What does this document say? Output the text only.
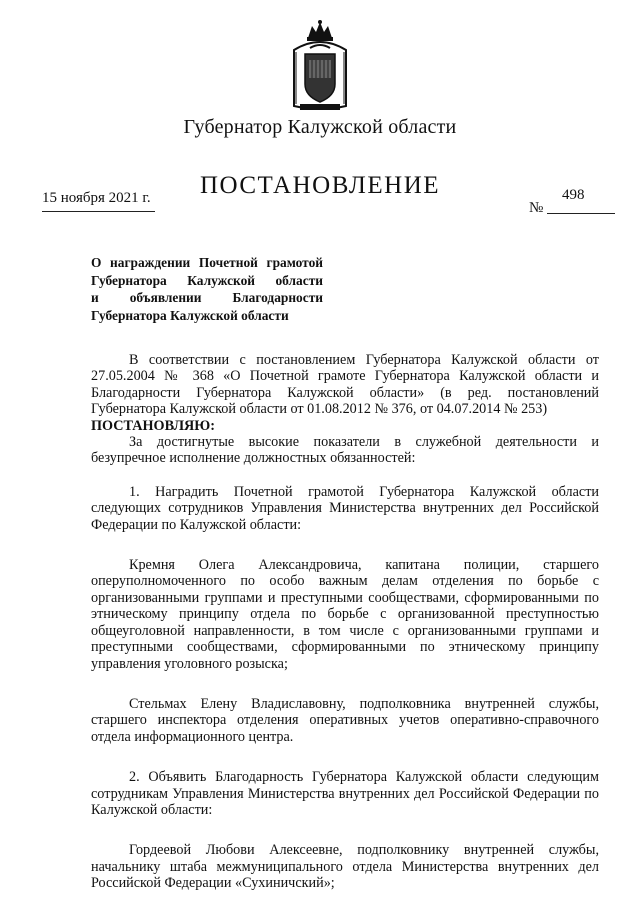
Губернатор Калужской области
ПОСТАНОВЛЕНИЕ
15 ноября 2021 г.
№
498
О награждении Почетной грамотой
Губернатора Калужской области
и объявлении Благодарности
Губернатора Калужской области

В соответствии с постановлением Губернатора Калужской области от 27.05.2004 № 368 «О Почетной грамоте Губернатора Калужской области и Благодарности Губернатора Калужской области» (в ред. постановлений Губернатора Калужской области от 01.08.2012 № 376, от 04.07.2014 № 253)

ПОСТАНОВЛЯЮ:

За достигнутые высокие показатели в служебной деятельности и безупречное исполнение должностных обязанностей:

1. Наградить Почетной грамотой Губернатора Калужской области следующих сотрудников Управления Министерства внутренних дел Российской Федерации по Калужской области:

Кремня Олега Александровича, капитана полиции, старшего оперуполномоченного по особо важным делам отделения по борьбе с организованными группами и преступными сообществами, сформированными по этническому принципу отдела по борьбе с организованной преступностью общеуголовной направленности, в том числе с организованными группами и преступными сообществами, сформированными по этническому принципу управления уголовного розыска;

Стельмах Елену Владиславовну, подполковника внутренней службы, старшего инспектора отделения оперативных учетов оперативно-справочного отдела информационного центра.

2. Объявить Благодарность Губернатора Калужской области следующим сотрудникам Управления Министерства внутренних дел Российской Федерации по Калужской области:

Гордеевой Любови Алексеевне, подполковнику внутренней службы, начальнику штаба межмуниципального отдела Министерства внутренних дел Российской Федерации «Сухиничский»;
